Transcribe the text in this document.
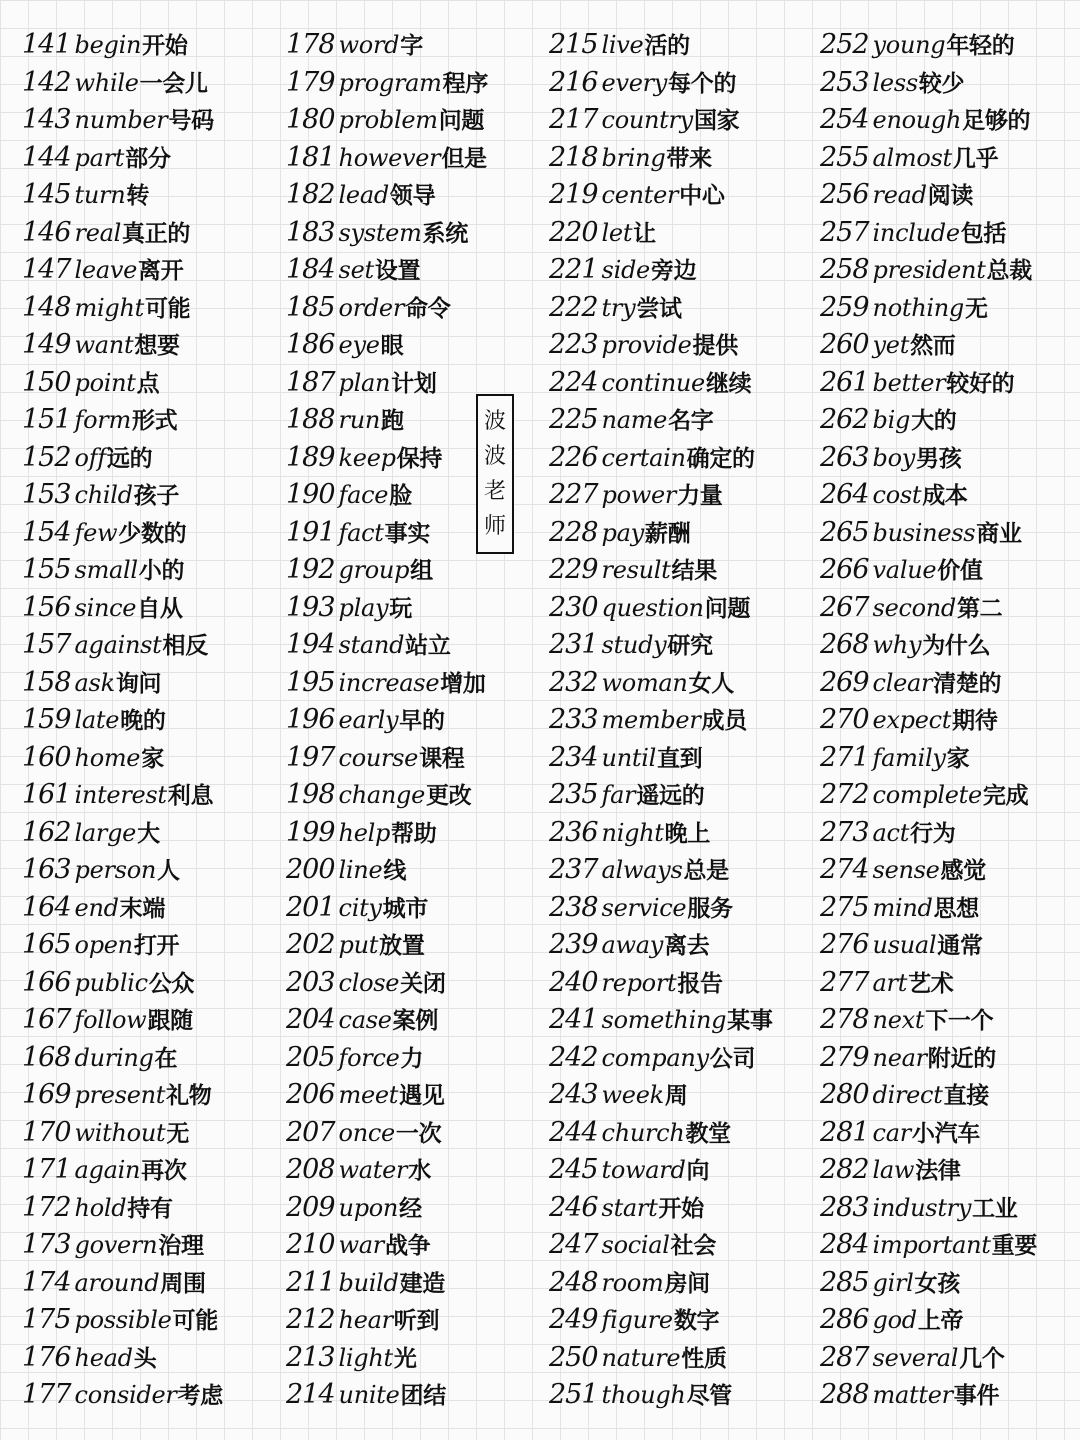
141 begin开始
142 while一会儿
143 number号码
144 part部分
145 turn转
146 real真正的
147 leave离开
148 might可能
149 want想要
150 point点
151 form形式
152 off远的
153 child孩子
154 few少数的
155 small小的
156 since自从
157 against相反
158 ask询问
159 late晚的
160 home家
161 interest利息
162 large大
163 person人
164 end末端
165 open打开
166 public公众
167 follow跟随
168 during在
169 present礼物
170 without无
171 again再次
172 hold持有
173 govern治理
174 around周围
175 possible可能
176 head头
177 consider考虑
178 word字
179 program程序
180 problem问题
181 however但是
182 lead领导
183 system系统
184 set设置
185 order命令
186 eye眼
187 plan计划
188 run跑
189 keep保持
190 face脸
191 fact事实
192 group组
193 play玩
194 stand站立
195 increase增加
196 early早的
197 course课程
198 change更改
199 help帮助
200 line线
201 city城市
202 put放置
203 close关闭
204 case案例
205 force力
206 meet遇见
207 once一次
208 water水
209 upon经
210 war战争
211 build建造
212 hear听到
213 light光
214 unite团结
215 live活的
216 every每个的
217 country国家
218 bring带来
219 center中心
220 let让
221 side旁边
222 try尝试
223 provide提供
224 continue继续
225 name名字
226 certain确定的
227 power力量
228 pay薪酬
229 result结果
230 question问题
231 study研究
232 woman女人
233 member成员
234 until直到
235 far遥远的
236 night晚上
237 always总是
238 service服务
239 away离去
240 report报告
241 something某事
242 company公司
243 week周
244 church教堂
245 toward向
246 start开始
247 social社会
248 room房间
249 figure数字
250 nature性质
251 though尽管
252 young年轻的
253 less较少
254 enough足够的
255 almost几乎
256 read阅读
257 include包括
258 president总裁
259 nothing无
260 yet然而
261 better较好的
262 big大的
263 boy男孩
264 cost成本
265 business商业
266 value价值
267 second第二
268 why为什么
269 clear清楚的
270 expect期待
271 family家
272 complete完成
273 act行为
274 sense感觉
275 mind思想
276 usual通常
277 art艺术
278 next下一个
279 near附近的
280 direct直接
281 car小汽车
282 law法律
283 industry工业
284 important重要
285 girl女孩
286 god上帝
287 several几个
288 matter事件
波
波
老
师
